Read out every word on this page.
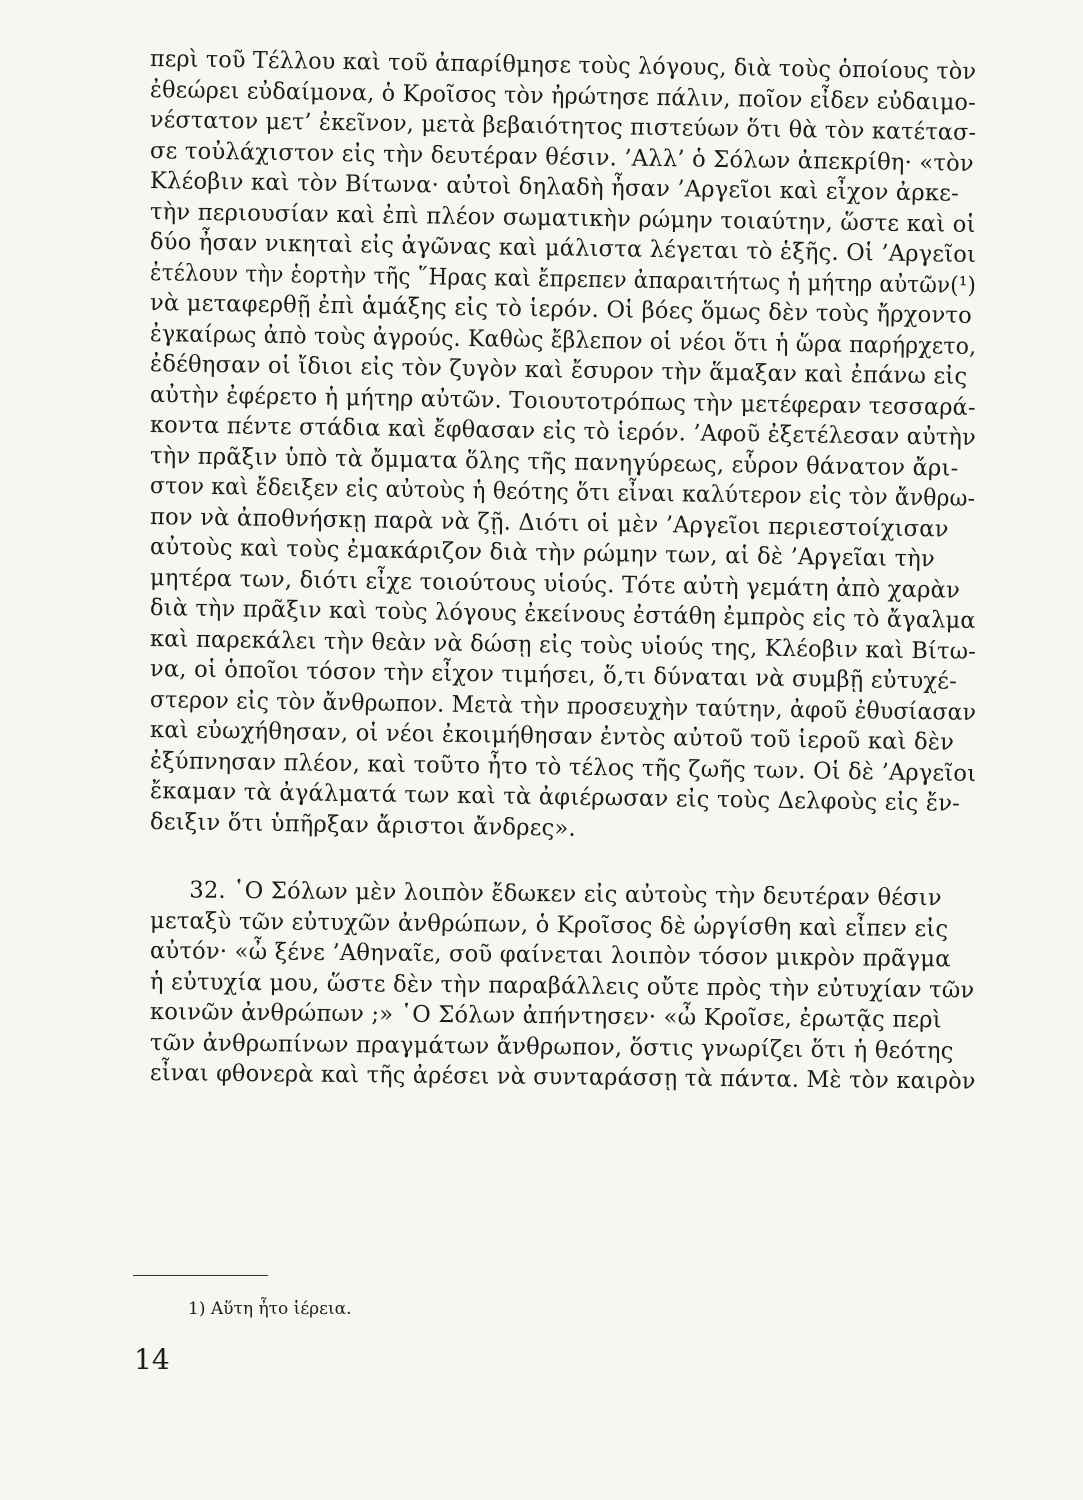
περὶ τοῦ Τέλλου καὶ τοῦ ἀπαρίθμησε τοὺς λόγους, διὰ τοὺς ὁποίους τὸν
ἐθεώρει εὐδαίμονα, ὁ Κροῖσος τὸν ἠρώτησε πάλιν, ποῖον εἶδεν εὐδαιμο-
νέστατον μετ’ ἐκεῖνον, μετὰ βεβαιότητος πιστεύων ὅτι θὰ τὸν κατέτασ-
σε τοὐλάχιστον εἰς τὴν δευτέραν θέσιν. ’Αλλ’ ὁ Σόλων ἀπεκρίθη· «τὸν
Κλέοβιν καὶ τὸν Βίτωνα· αὐτοὶ δηλαδὴ ἦσαν ’Αργεῖοι καὶ εἶχον ἀρκε-
τὴν περιουσίαν καὶ ἐπὶ πλέον σωματικὴν ρώμην τοιαύτην, ὥστε καὶ οἱ
δύο ἦσαν νικηταὶ εἰς ἀγῶνας καὶ μάλιστα λέγεται τὸ ἑξῆς. Οἱ ’Αργεῖοι
ἐτέλουν τὴν ἑορτὴν τῆς ῞Ηρας καὶ ἔπρεπεν ἀπαραιτήτως ἡ μήτηρ αὐτῶν(¹)
νὰ μεταφερθῇ ἐπὶ ἁμάξης εἰς τὸ ἱερόν. Οἱ βόες ὅμως δὲν τοὺς ἤρχοντο
ἐγκαίρως ἀπὸ τοὺς ἀγρούς. Καθὼς ἔβλεπον οἱ νέοι ὅτι ἡ ὥρα παρήρχετο,
ἐδέθησαν οἱ ἴδιοι εἰς τὸν ζυγὸν καὶ ἔσυρον τὴν ἅμαξαν καὶ ἐπάνω εἰς
αὐτὴν ἐφέρετο ἡ μήτηρ αὐτῶν. Τοιουτοτρόπως τὴν μετέφεραν τεσσαρά-
κοντα πέντε στάδια καὶ ἔφθασαν εἰς τὸ ἱερόν. ’Αφοῦ ἐξετέλεσαν αὐτὴν
τὴν πρᾶξιν ὑπὸ τὰ ὄμματα ὅλης τῆς πανηγύρεως, εὗρον θάνατον ἄρι-
στον καὶ ἔδειξεν εἰς αὐτοὺς ἡ θεότης ὅτι εἶναι καλύτερον εἰς τὸν ἄνθρω-
πον νὰ ἀποθνήσκῃ παρὰ νὰ ζῇ. Διότι οἱ μὲν ’Αργεῖοι περιεστοίχισαν
αὐτοὺς καὶ τοὺς ἐμακάριζον διὰ τὴν ρώμην των, αἱ δὲ ’Αργεῖαι τὴν
μητέρα των, διότι εἶχε τοιούτους υἱούς. Τότε αὐτὴ γεμάτη ἀπὸ χαρὰν
διὰ τὴν πρᾶξιν καὶ τοὺς λόγους ἐκείνους ἐστάθη ἐμπρὸς εἰς τὸ ἄγαλμα
καὶ παρεκάλει τὴν θεὰν νὰ δώσῃ εἰς τοὺς υἱούς της, Κλέοβιν καὶ Βίτω-
να, οἱ ὁποῖοι τόσον τὴν εἶχον τιμήσει, ὅ,τι δύναται νὰ συμβῇ εὐτυχέ-
στερον εἰς τὸν ἄνθρωπον. Μετὰ τὴν προσευχὴν ταύτην, ἀφοῦ ἐθυσίασαν
καὶ εὐωχήθησαν, οἱ νέοι ἐκοιμήθησαν ἐντὸς αὐτοῦ τοῦ ἱεροῦ καὶ δὲν
ἐξύπνησαν πλέον, καὶ τοῦτο ἦτο τὸ τέλος τῆς ζωῆς των. Οἱ δὲ ’Αργεῖοι
ἔκαμαν τὰ ἀγάλματά των καὶ τὰ ἀφιέρωσαν εἰς τοὺς Δελφοὺς εἰς ἔν-
δειξιν ὅτι ὑπῆρξαν ἄριστοι ἄνδρες».
32. ῾Ο Σόλων μὲν λοιπὸν ἔδωκεν εἰς αὐτοὺς τὴν δευτέραν θέσιν
μεταξὺ τῶν εὐτυχῶν ἀνθρώπων, ὁ Κροῖσος δὲ ὠργίσθη καὶ εἶπεν εἰς
αὐτόν· «ὦ ξένε ’Αθηναῖε, σοῦ φαίνεται λοιπὸν τόσον μικρὸν πρᾶγμα
ἡ εὐτυχία μου, ὥστε δὲν τὴν παραβάλλεις οὔτε πρὸς τὴν εὐτυχίαν τῶν
κοινῶν ἀνθρώπων ;» ῾Ο Σόλων ἀπήντησεν· «ὦ Κροῖσε, ἐρωτᾷς περὶ
τῶν ἀνθρωπίνων πραγμάτων ἄνθρωπον, ὅστις γνωρίζει ὅτι ἡ θεότης
εἶναι φθονερὰ καὶ τῆς ἀρέσει νὰ συνταράσσῃ τὰ πάντα. Μὲ τὸν καιρὸν
1) Αὕτη ἦτο ἱέρεια.
14
